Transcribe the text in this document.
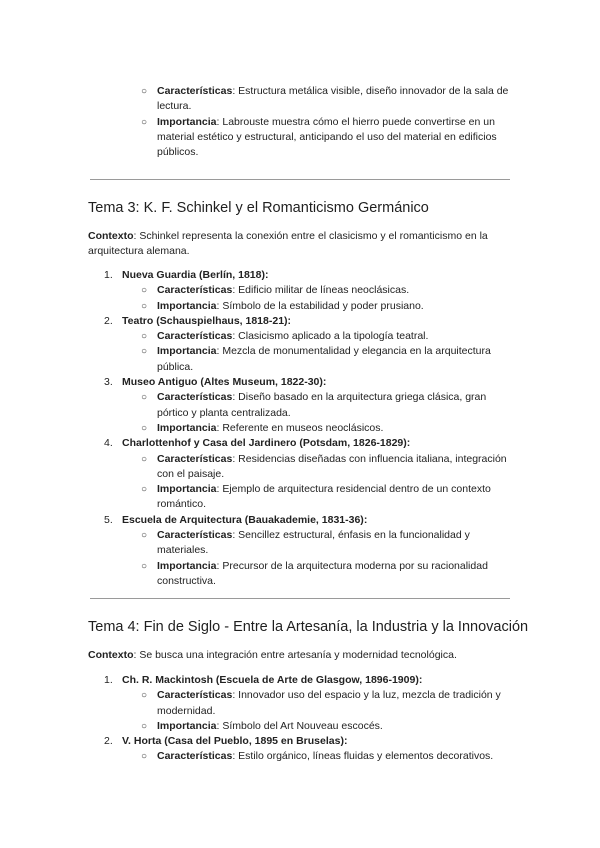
○ Características: Estructura metálica visible, diseño innovador de la sala de lectura.
○ Importancia: Labrouste muestra cómo el hierro puede convertirse en un material estético y estructural, anticipando el uso del material en edificios públicos.
Tema 3: K. F. Schinkel y el Romanticismo Germánico
Contexto: Schinkel representa la conexión entre el clasicismo y el romanticismo en la arquitectura alemana.
1. Nueva Guardia (Berlín, 1818):
○ Características: Edificio militar de líneas neoclásicas.
○ Importancia: Símbolo de la estabilidad y poder prusiano.
2. Teatro (Schauspielhaus, 1818-21):
○ Características: Clasicismo aplicado a la tipología teatral.
○ Importancia: Mezcla de monumentalidad y elegancia en la arquitectura pública.
3. Museo Antiguo (Altes Museum, 1822-30):
○ Características: Diseño basado en la arquitectura griega clásica, gran pórtico y planta centralizada.
○ Importancia: Referente en museos neoclásicos.
4. Charlottenhof y Casa del Jardinero (Potsdam, 1826-1829):
○ Características: Residencias diseñadas con influencia italiana, integración con el paisaje.
○ Importancia: Ejemplo de arquitectura residencial dentro de un contexto romántico.
5. Escuela de Arquitectura (Bauakademie, 1831-36):
○ Características: Sencillez estructural, énfasis en la funcionalidad y materiales.
○ Importancia: Precursor de la arquitectura moderna por su racionalidad constructiva.
Tema 4: Fin de Siglo - Entre la Artesanía, la Industria y la Innovación
Contexto: Se busca una integración entre artesanía y modernidad tecnológica.
1. Ch. R. Mackintosh (Escuela de Arte de Glasgow, 1896-1909):
○ Características: Innovador uso del espacio y la luz, mezcla de tradición y modernidad.
○ Importancia: Símbolo del Art Nouveau escocés.
2. V. Horta (Casa del Pueblo, 1895 en Bruselas):
○ Características: Estilo orgánico, líneas fluidas y elementos decorativos.
